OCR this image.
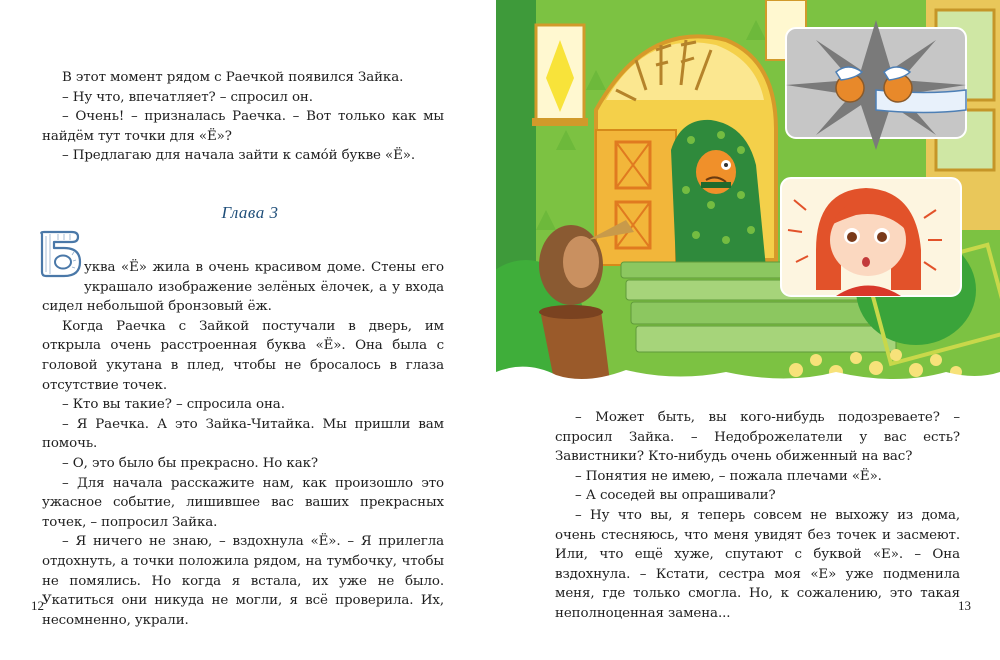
В этот момент рядом с Раечкой появился Зайка.

– Ну что, впечатляет? – спросил он.

– Очень! – призналась Раечка. – Вот только как мы найдём тут точки для «Ё»?

– Предлагаю для начала зайти к самóй букве «Ё».

Глава 3

уква «Ё» жила в очень красивом доме. Стены его украшало изображение зелёных ёлочек, а у входа сидел небольшой бронзовый ёж.

Когда Раечка с Зайкой постучали в дверь, им открыла очень расстроенная буква «Ё». Она была с головой укутана в плед, чтобы не бросалось в глаза отсутствие точек.

– Кто вы такие? – спросила она.

– Я Раечка. А это Зайка-Читайка. Мы пришли вам помочь.

– О, это было бы прекрасно. Но как?

– Для начала расскажите нам, как произошло это ужасное событие, лишившее вас ваших прекрасных точек, – попросил Зайка.

– Я ничего не знаю, – вздохнула «Ё». – Я прилегла отдохнуть, а точки положила рядом, на тумбочку, чтобы не помялись. Но когда я встала, их уже не было. Укатиться они никуда не могли, я всё проверила. Их, несомненно, украли.

12

– Может быть, вы кого-нибудь подозреваете? – спросил Зайка. – Недоброжелатели у вас есть? Завистники? Кто-нибудь очень обиженный на вас?

– Понятия не имею, – пожала плечами «Ё».

– А соседей вы опрашивали?

– Ну что вы, я теперь совсем не выхожу из дома, очень стесняюсь, что меня увидят без точек и засмеют. Или, что ещё хуже, спутают с буквой «Е». – Она вздохнула. – Кстати, сестра моя «Е» уже подменила меня, где только смогла. Но, к сожалению, это такая неполноценная замена...

13
